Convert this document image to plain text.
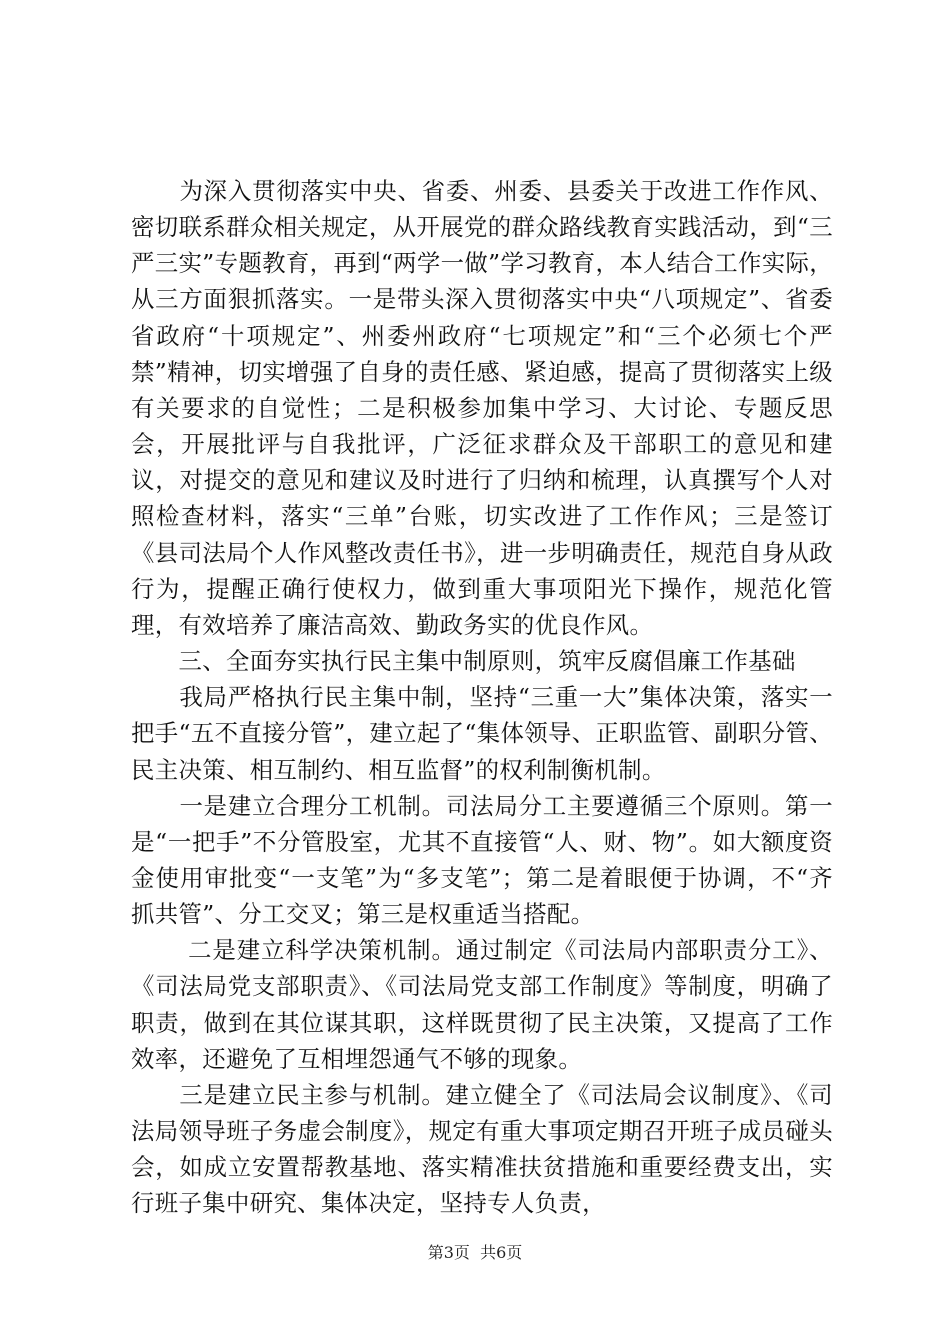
　　为深入贯彻落实中央、省委、州委、县委关于改进工作作风、密切联系群众相关规定，从开展党的群众路线教育实践活动，到“三严三实”专题教育，再到“两学一做”学习教育，本人结合工作实际，从三方面狠抓落实。一是带头深入贯彻落实中央“八项规定”、省委省政府“十项规定”、州委州政府“七项规定”和“三个必须七个严禁”精神，切实增强了自身的责任感、紧迫感，提高了贯彻落实上级有关要求的自觉性；二是积极参加集中学习、大讨论、专题反思会，开展批评与自我批评，广泛征求群众及干部职工的意见和建议，对提交的意见和建议及时进行了归纳和梳理，认真撰写个人对照检查材料，落实“三单”台账，切实改进了工作作风；三是签订《县司法局个人作风整改责任书》，进一步明确责任，规范自身从政行为，提醒正确行使权力，做到重大事项阳光下操作，规范化管理，有效培养了廉洁高效、勤政务实的优良作风。

　　三、全面夯实执行民主集中制原则，筑牢反腐倡廉工作基础

　　我局严格执行民主集中制，坚持“三重一大”集体决策，落实一把手“五不直接分管”，建立起了“集体领导、正职监管、副职分管、民主决策、相互制约、相互监督”的权利制衡机制。

　　一是建立合理分工机制。司法局分工主要遵循三个原则。第一是“一把手”不分管股室，尤其不直接管“人、财、物”。如大额度资金使用审批变“一支笔”为“多支笔”；第二是着眼便于协调，不“齐抓共管”、分工交叉；第三是权重适当搭配。

　　 二是建立科学决策机制。通过制定《司法局内部职责分工》、《司法局党支部职责》、《司法局党支部工作制度》等制度，明确了职责，做到在其位谋其职，这样既贯彻了民主决策，又提高了工作效率，还避免了互相埋怨通气不够的现象。

　　三是建立民主参与机制。建立健全了《司法局会议制度》、《司法局领导班子务虚会制度》，规定有重大事项定期召开班子成员碰头会，如成立安置帮教基地、落实精准扶贫措施和重要经费支出，实行班子集中研究、集体决定，坚持专人负责，

第3页  共6页
